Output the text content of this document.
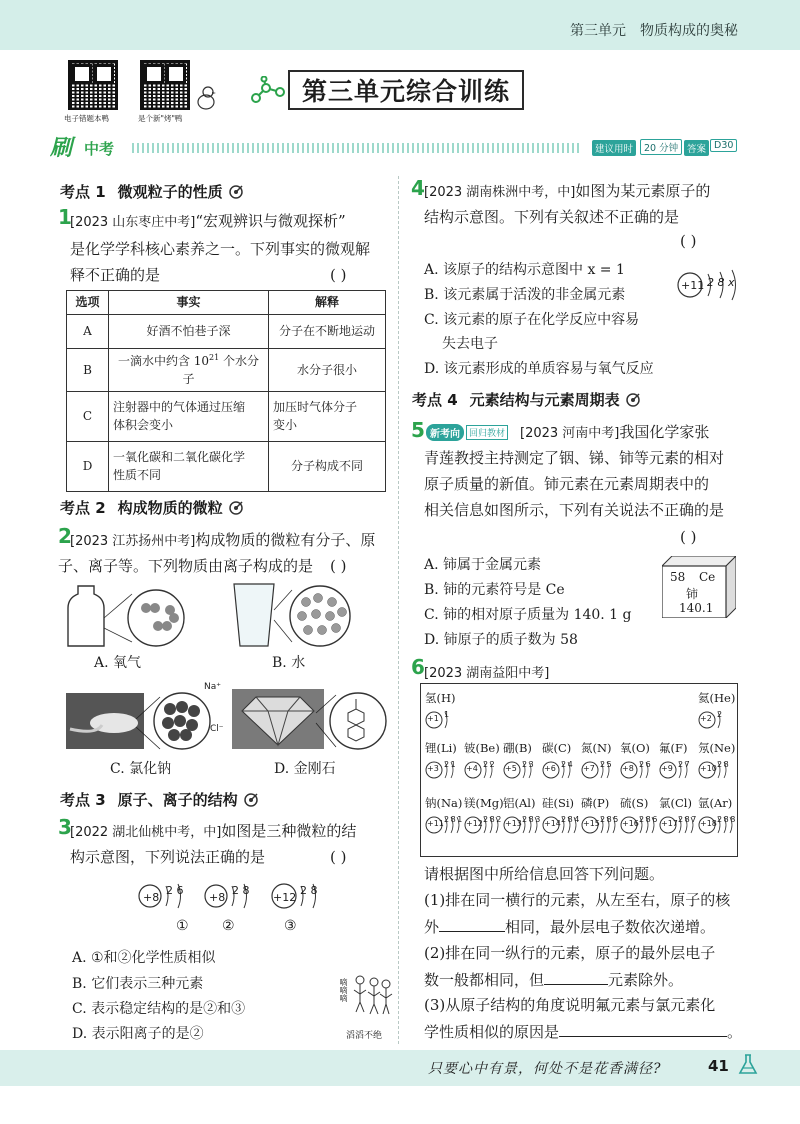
第三单元 物质构成的奥秘
电子错题本鸭	是个新"烤"鸭
第三单元综合训练
刷 中考	建议用时	20 分钟 答案 D30
考点 1 微观粒子的性质
1
[2023 山东枣庄中考]“宏观辨识与微观探析”
是化学学科核心素养之一。下列事实的微观解
释不正确的是	( )
选项	事实	解释
A	好酒不怕巷子深	分子在不断地运动
B	一滴水中约含 $10^{21}$ 个水分子	水分子很小
C	注射器中的气体通过压缩
体积会变小	加压时气体分子
变小
D	一氧化碳和二氧化碳化学
性质不同	分子构成不同
考点 2 构成物质的微粒
2
[2023 江苏扬州中考]构成物质的微粒有分子、原
子、离子等。下列物质由离子构成的是 ( )
A. 氧气	B. 水
Na⁺
Cl⁻
C. 氯化钠	D. 金刚石
考点 3 原子、离子的结构
3
[2022 湖北仙桃中考，中]如图是三种微粒的结
构示意图，下列说法正确的是	( )
+8
2 6
+8
2 8
+12
2 8
① ②	③
A. ①和②化学性质相似
B. 它们表示三种元素
C. 表示稳定结构的是②和③
D. 表示阳离子的是②
嘀嘀嘀
滔滔不绝
4 [2023 湖南株洲中考，中]如图为某元素原子的
结构示意图。下列有关叙述不正确的是
( )
A. 该原子的结构示意图中 x = 1
B. 该元素属于活泼的非金属元素
C. 该元素的原子在化学反应中容易
失去电子
D. 该元素形成的单质容易与氧气反应
+11 2 8 x
考点 4 元素结构与元素周期表
5 新考向	回归教材 [2023 河南中考]我国化学家张
青莲教授主持测定了铟、锑、铈等元素的相对
原子质量的新值。铈元素在元素周期表中的
相关信息如图所示，下列有关说法不正确的是
( )
A. 铈属于金属元素
B. 铈的元素符号是 Ce
C. 铈的相对原子质量为 140. 1 g
D. 铈原子的质子数为 58
58 Ce
铈
140.1
6 [2023 湖南益阳中考]
氢(H)
+1 1
氦(He)
+2 2
锂(Li)
+3 2 1
铍(Be)
+4 2 2
硼(B)
+5 2 3
碳(C)
+6 2 4
氮(N)
+7 2 5
氧(O)
+8 2 6
氟(F)
+9 2 7
氖(Ne)
+10 2 8
钠(Na)
+11 2 8 1
镁(Mg)
+12 2 8 2
铝(Al)
+13 2 8 3
硅(Si)
+14 2 8 4
磷(P)
+15 2 8 5
硫(S)
+16 2 8 6
氯(Cl)
+17 2 8 7
氩(Ar)
+18 2 8 8
请根据图中所给信息回答下列问题。
(1)排在同一横行的元素，从左至右，原子的核
外	相同，最外层电子数依次递增。
(2)排在同一纵行的元素，原子的最外层电子
数一般都相同，但	元素除外。
(3)从原子结构的角度说明氟元素与氯元素化
学性质相似的原因是	。
只要心中有景，何处不是花香满径?	41
